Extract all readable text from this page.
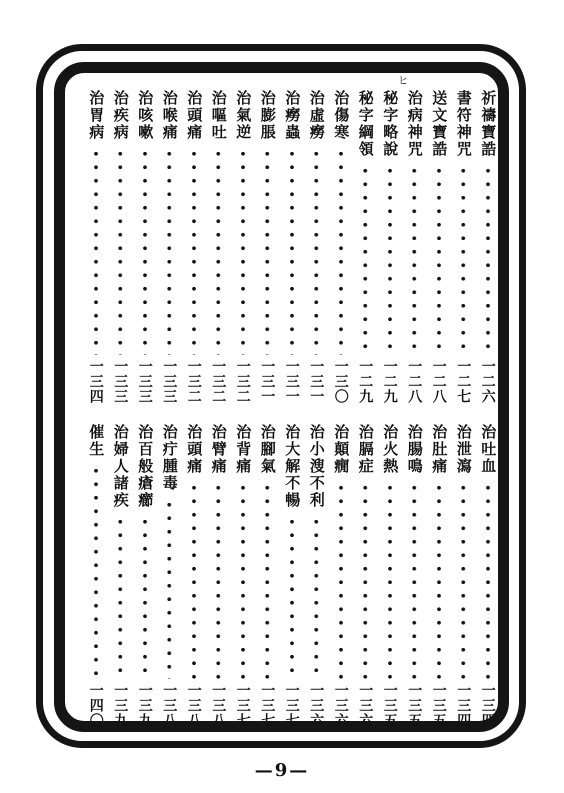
ヒ
祈禱寶誥
一二六
書符神咒
一二七
送文寶誥
一二八
治病神咒
一二八
秘字略說
一二九
秘字綱領
一二九
治傷寒
一三〇
治虛癆
一三一
治癆蟲
一三一
治膨脹
一三一
治氣逆
一三二
治嘔吐
一三二
治頭痛
一三二
治喉痛
一三三
治咳嗽
一三三
治疾病
一三三
治胃病
一三四
治吐血
一三四
治泄瀉
一三四
治肚痛
一三五
治腸鳴
一三五
治火熱
一三五
治膈症
一三六
治顛癇
一三六
治小溲不利
一三六
治大解不暢
一三七
治腳氣
一三七
治背痛
一三七
治臂痛
一三八
治頭痛
一三八
治疔腫毒
一三八
治百般瘡癤
一三九
治婦人諸疾
一三九
催生
一四〇
—9—
